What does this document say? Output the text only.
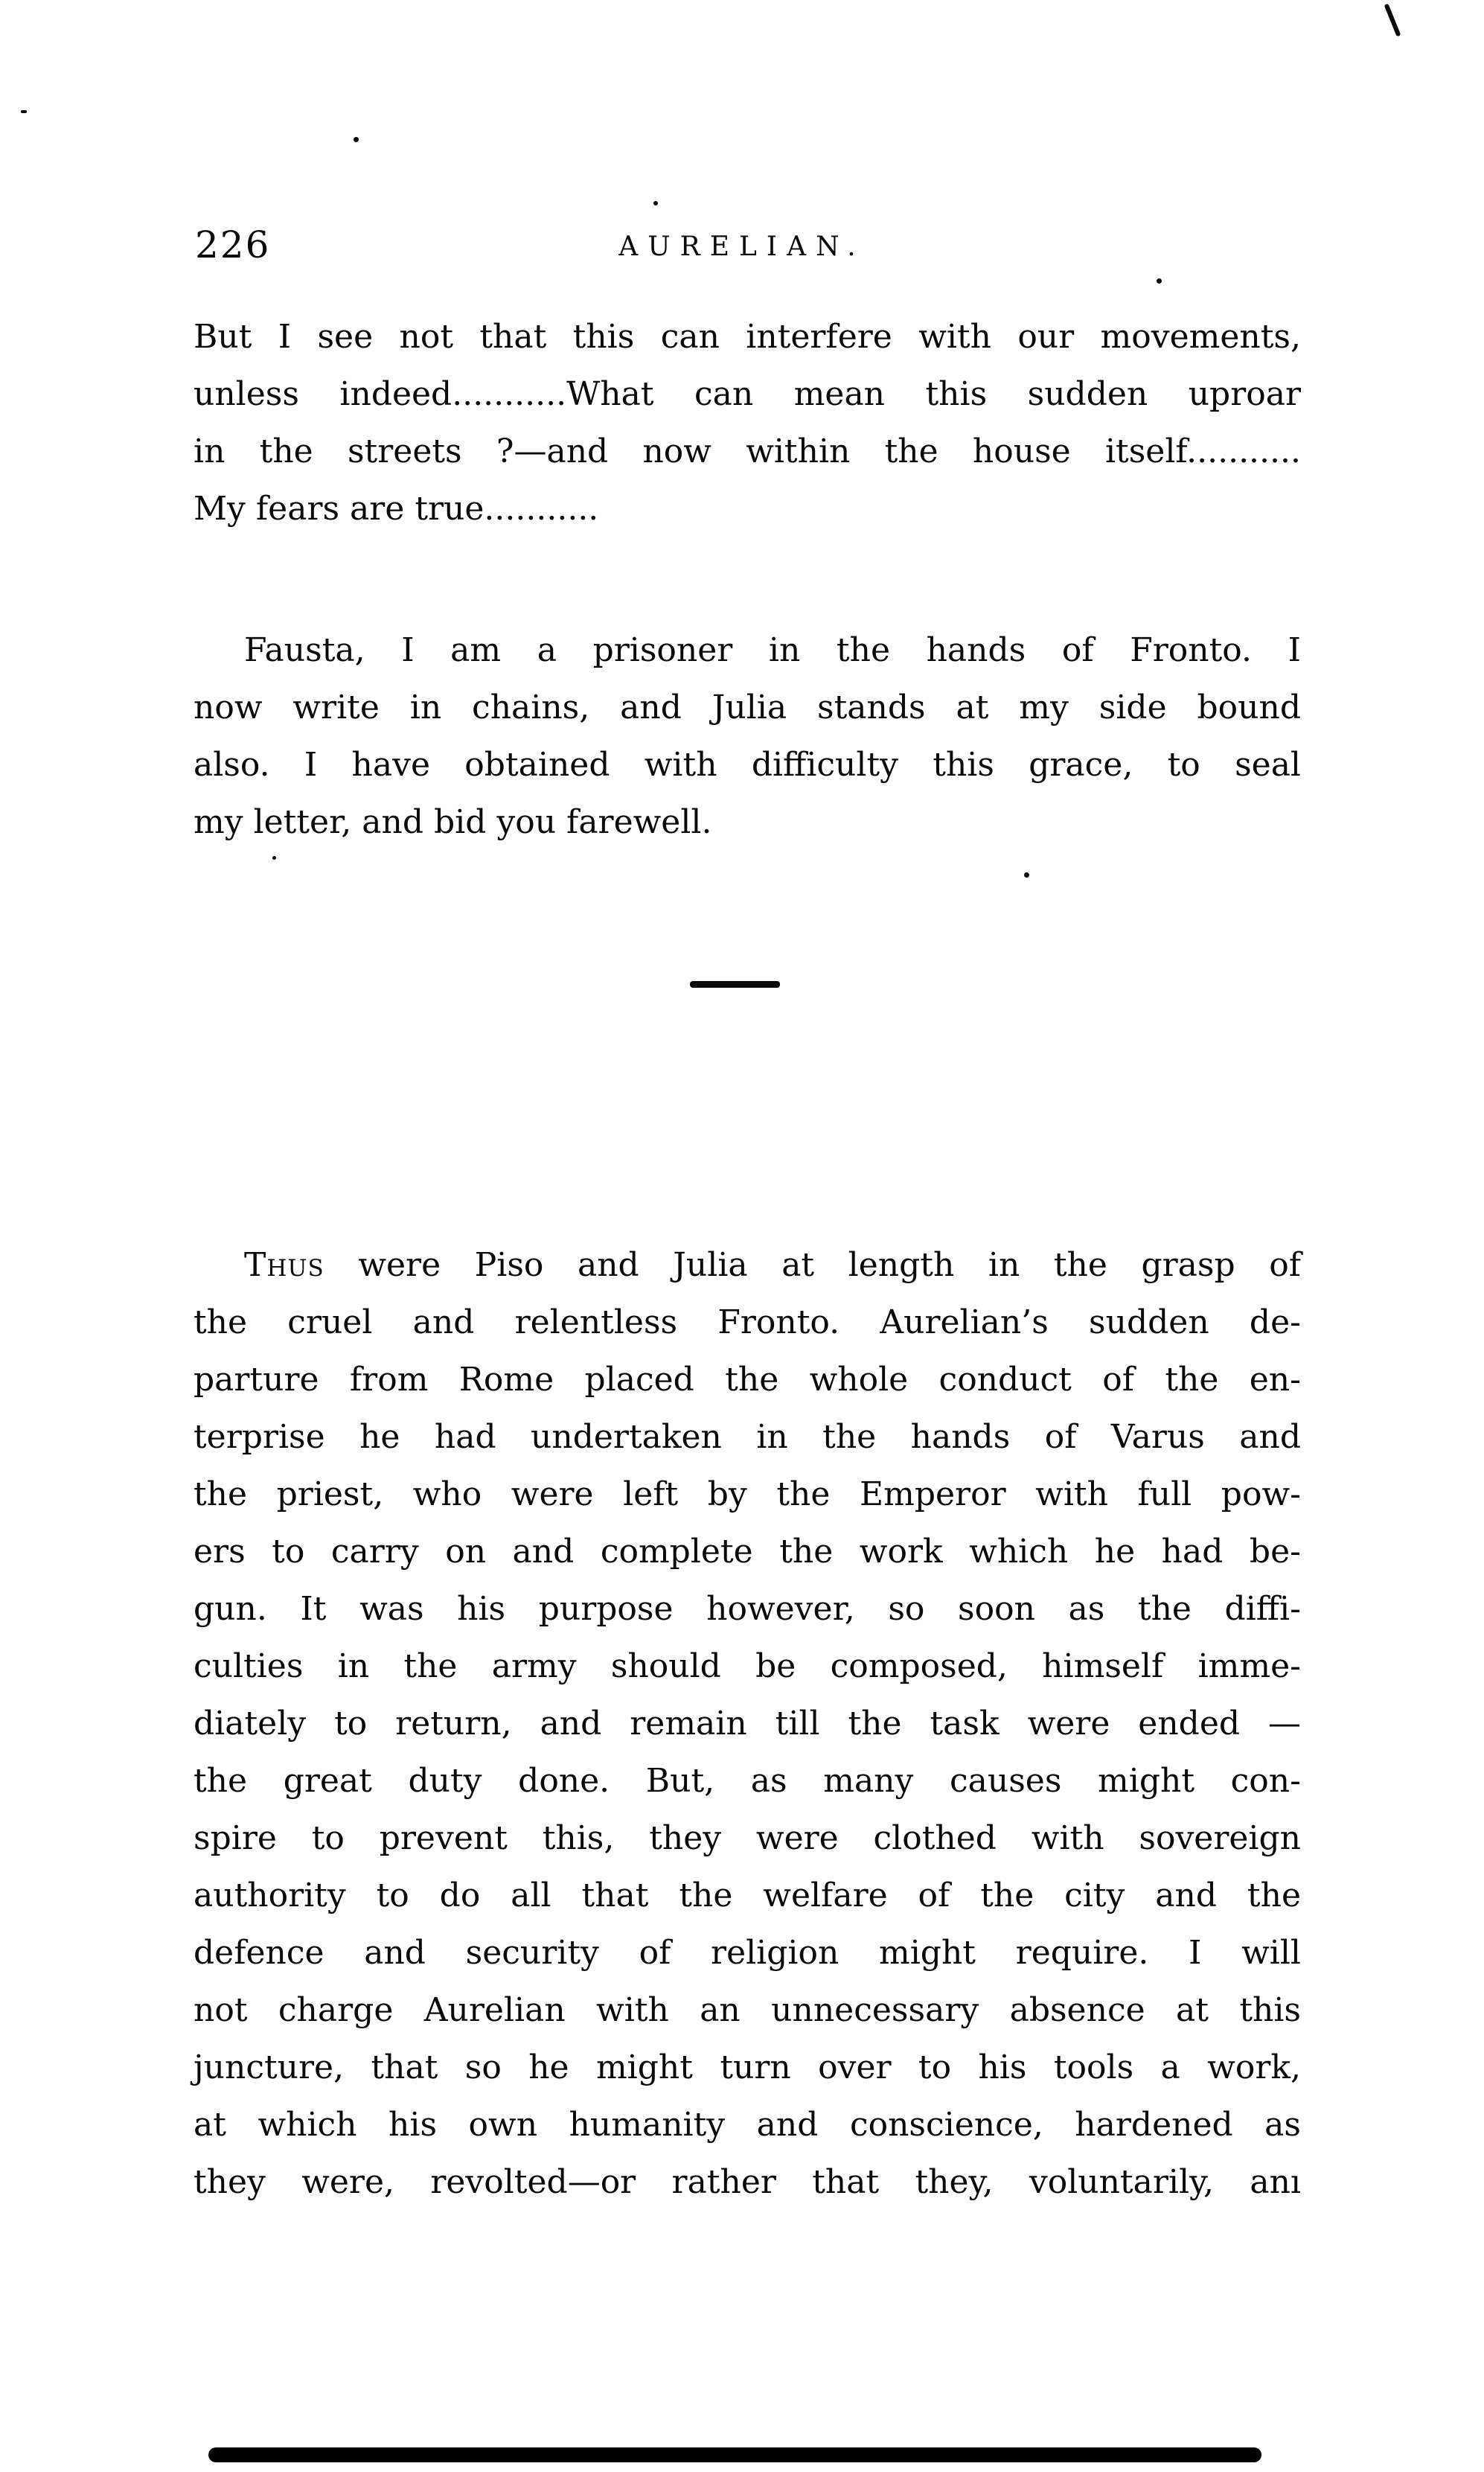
226	AURELIAN.
But I see not that this can interfere with our movements,
unless indeed...........What can mean this sudden uproar
in the streets ?—and now within the house itself...........
My fears are true...........
Fausta, I am a prisoner in the hands of Fronto. I
now write in chains, and Julia stands at my side bound
also. I have obtained with difficulty this grace, to seal
my letter, and bid you farewell.
Thus were Piso and Julia at length in the grasp of
the cruel and relentless Fronto. Aurelian’s sudden de-
parture from Rome placed the whole conduct of the en-
terprise he had undertaken in the hands of Varus and
the priest, who were left by the Emperor with full pow-
ers to carry on and complete the work which he had be-
gun. It was his purpose however, so soon as the diffi-
culties in the army should be composed, himself imme-
diately to return, and remain till the task were ended —
the great duty done. But, as many causes might con-
spire to prevent this, they were clothed with sovereign
authority to do all that the welfare of the city and the
defence and security of religion might require. I will
not charge Aurelian with an unnecessary absence at this
juncture, that so he might turn over to his tools a work,
at which his own humanity and conscience, hardened as
they were, revolted—or rather that they, voluntarily, anı
